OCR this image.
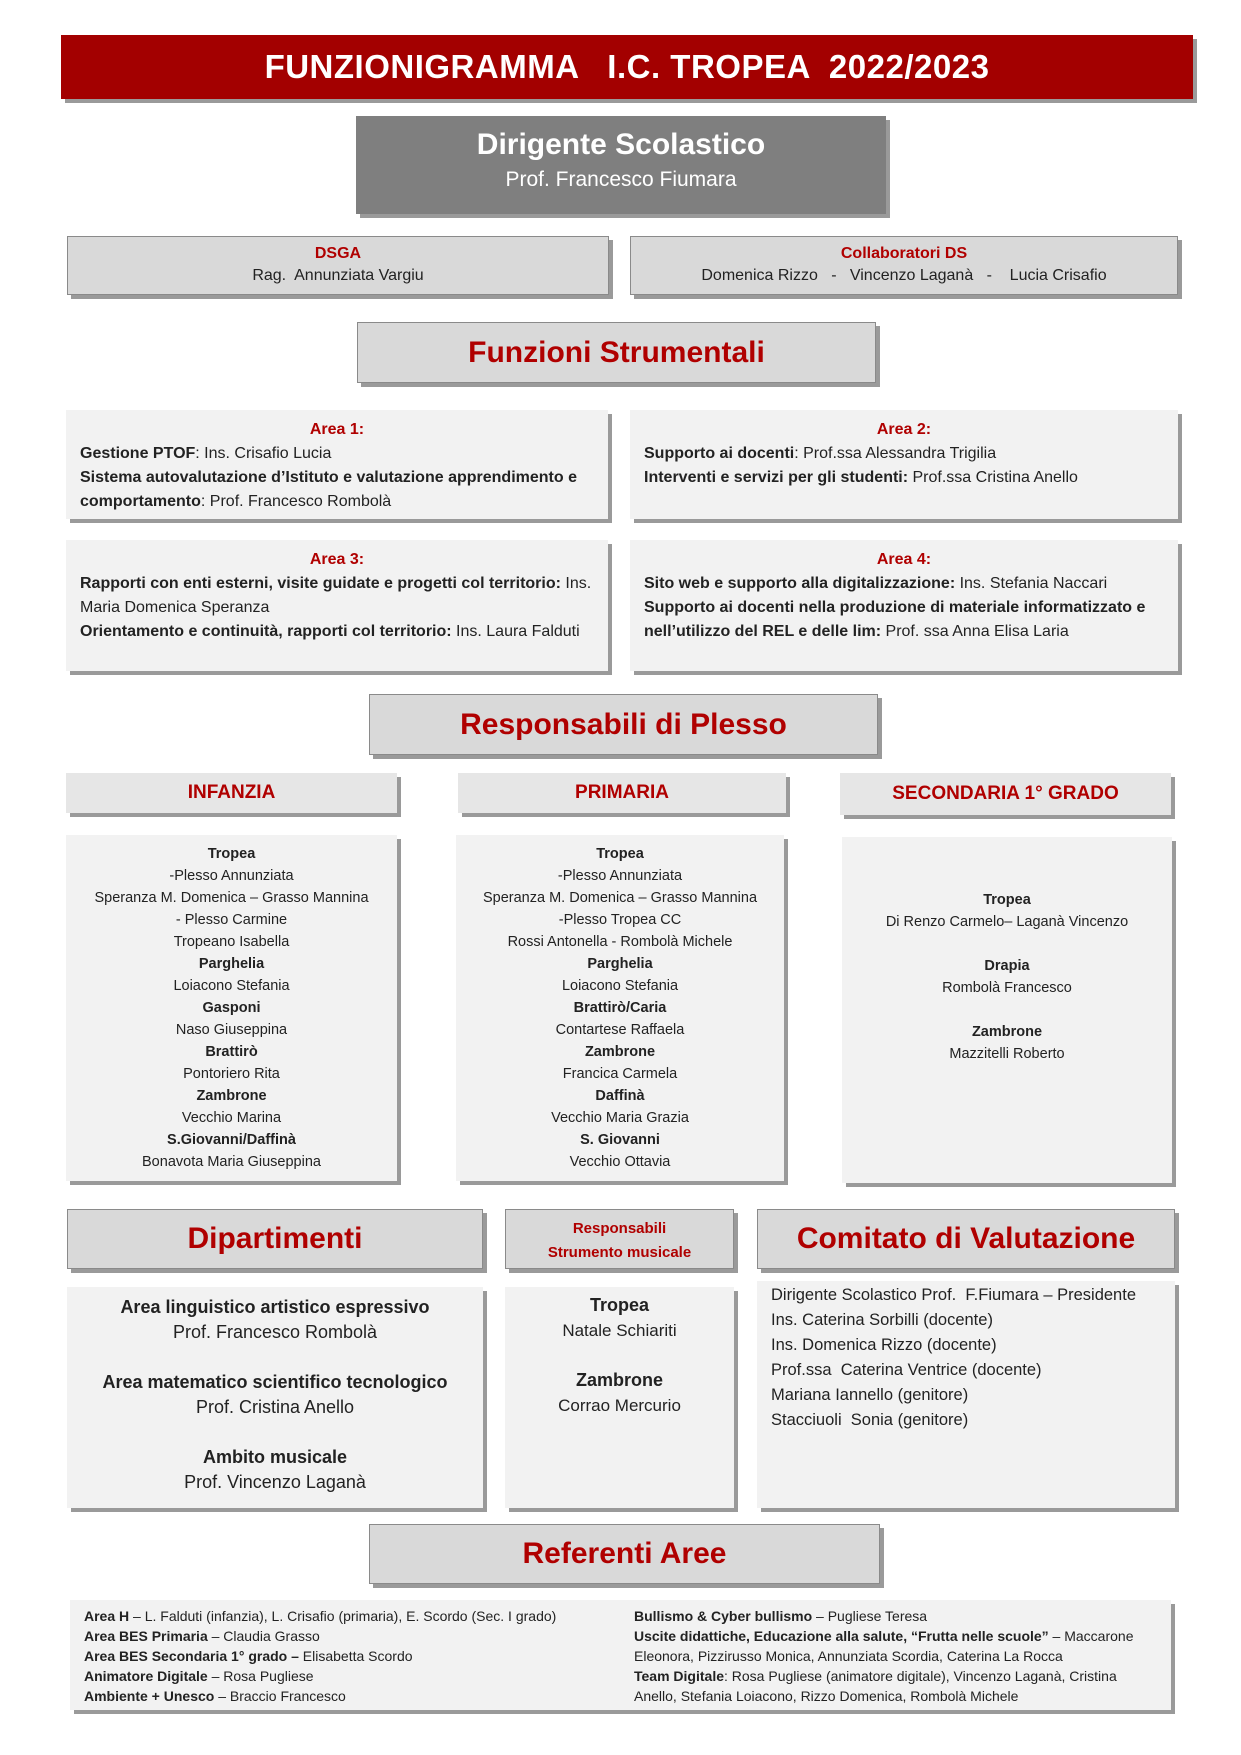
FUNZIONIGRAMMA   I.C. TROPEA  2022/2023
Dirigente Scolastico
Prof. Francesco Fiumara
DSGA
Rag.  Annunziata Vargiu
Collaboratori DS
Domenica Rizzo   -   Vincenzo Laganà   -    Lucia Crisafio
Funzioni Strumentali
Area 1:
Gestione PTOF: Ins. Crisafio Lucia
Sistema autovalutazione d’Istituto e valutazione apprendimento e comportamento: Prof. Francesco Rombolà
Area 2:
Supporto ai docenti: Prof.ssa Alessandra Trigilia
Interventi e servizi per gli studenti: Prof.ssa Cristina Anello
Area 3:
Rapporti con enti esterni, visite guidate e progetti col territorio: Ins. Maria Domenica Speranza
Orientamento e continuità, rapporti col territorio: Ins. Laura Falduti
Area 4:
Sito web e supporto alla digitalizzazione: Ins. Stefania Naccari
Supporto ai docenti nella produzione di materiale informatizzato e nell’utilizzo del REL e delle lim: Prof. ssa Anna Elisa Laria
Responsabili di Plesso
INFANZIA	PRIMARIA	SECONDARIA 1° GRADO
Tropea
-Plesso Annunziata
Speranza M. Domenica – Grasso Mannina
- Plesso Carmine
Tropeano Isabella
Parghelia
Loiacono Stefania
Gasponi
Naso Giuseppina
Brattirò
Pontoriero Rita
Zambrone
Vecchio Marina
S.Giovanni/Daffinà
Bonavota Maria Giuseppina
Tropea
-Plesso Annunziata
Speranza M. Domenica – Grasso Mannina
-Plesso Tropea CC
Rossi Antonella - Rombolà Michele
Parghelia
Loiacono Stefania
Brattirò/Caria
Contartese Raffaela
Zambrone
Francica Carmela
Daffinà
Vecchio Maria Grazia
S. Giovanni
Vecchio Ottavia
Tropea
Di Renzo Carmelo– Laganà Vincenzo
Drapia
Rombolà Francesco
Zambrone
Mazzitelli Roberto
Dipartimenti
Area linguistico artistico espressivo
Prof. Francesco Rombolà
Area matematico scientifico tecnologico
Prof. Cristina Anello
Ambito musicale
Prof. Vincenzo Laganà
Responsabili
Strumento musicale
Tropea
Natale Schiariti
Zambrone
Corrao Mercurio
Comitato di Valutazione
Dirigente Scolastico Prof.  F.Fiumara – Presidente
Ins. Caterina Sorbilli (docente)
Ins. Domenica Rizzo (docente)
Prof.ssa  Caterina Ventrice (docente)
Mariana Iannello (genitore)
Stacciuoli  Sonia (genitore)
Referenti Aree
Area H – L. Falduti (infanzia), L. Crisafio (primaria), E. Scordo (Sec. I grado)
Area BES Primaria – Claudia Grasso
Area BES Secondaria 1° grado – Elisabetta Scordo
Animatore Digitale – Rosa Pugliese
Ambiente + Unesco – Braccio Francesco
Bullismo & Cyber bullismo – Pugliese Teresa
Uscite didattiche, Educazione alla salute, “Frutta nelle scuole” – Maccarone Eleonora, Pizzirusso Monica, Annunziata Scordia, Caterina La Rocca
Team Digitale: Rosa Pugliese (animatore digitale), Vincenzo Laganà, Cristina Anello, Stefania Loiacono, Rizzo Domenica, Rombolà Michele
